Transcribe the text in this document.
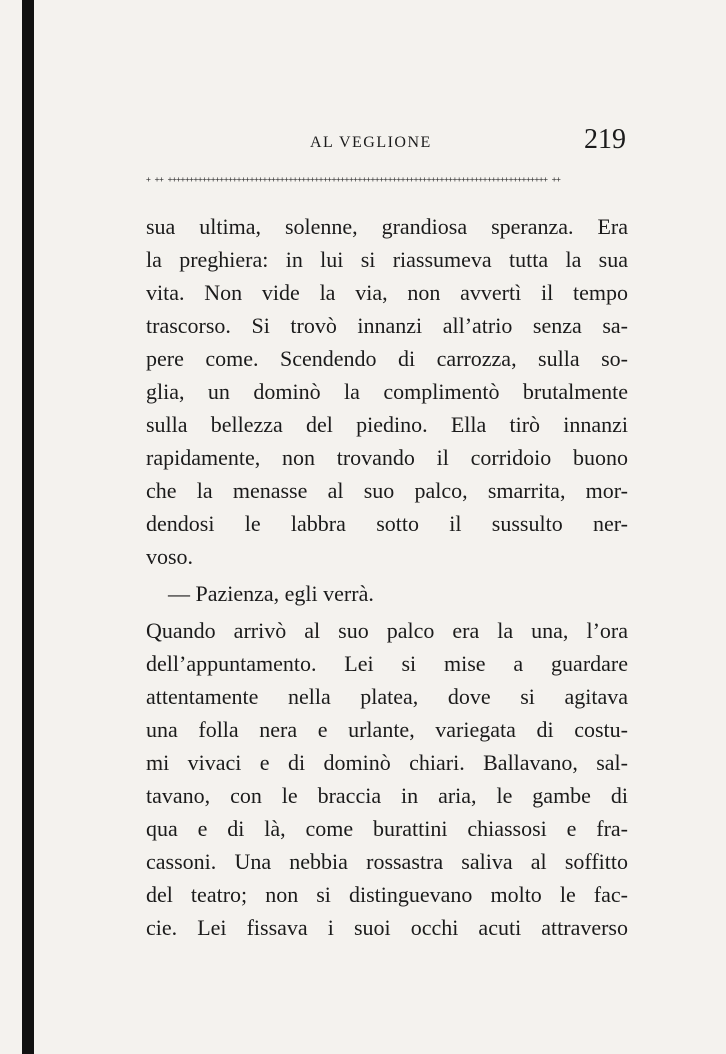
AL VEGLIONE	219
+ ++ ++++++++++++++++++++++++++++++++++++++++++++++++++++++++++++++++++++++++++++++++++++++++ ++
sua ultima, solenne, grandiosa speranza. Era
la preghiera: in lui si riassumeva tutta la sua
vita. Non vide la via, non avvertì il tempo
trascorso. Si trovò innanzi all’atrio senza sa-
pere come. Scendendo di carrozza, sulla so-
glia, un dominò la complimentò brutalmente
sulla bellezza del piedino. Ella tirò innanzi
rapidamente, non trovando il corridoio buono
che la menasse al suo palco, smarrita, mor-
dendosi le labbra sotto il sussulto ner-
voso.
— Pazienza, egli verrà.
Quando arrivò al suo palco era la una, l’ora
dell’appuntamento. Lei si mise a guardare
attentamente nella platea, dove si agitava
una folla nera e urlante, variegata di costu-
mi vivaci e di dominò chiari. Ballavano, sal-
tavano, con le braccia in aria, le gambe di
qua e di là, come burattini chiassosi e fra-
cassoni. Una nebbia rossastra saliva al soffitto
del teatro; non si distinguevano molto le fac-
cie. Lei fissava i suoi occhi acuti attraverso
